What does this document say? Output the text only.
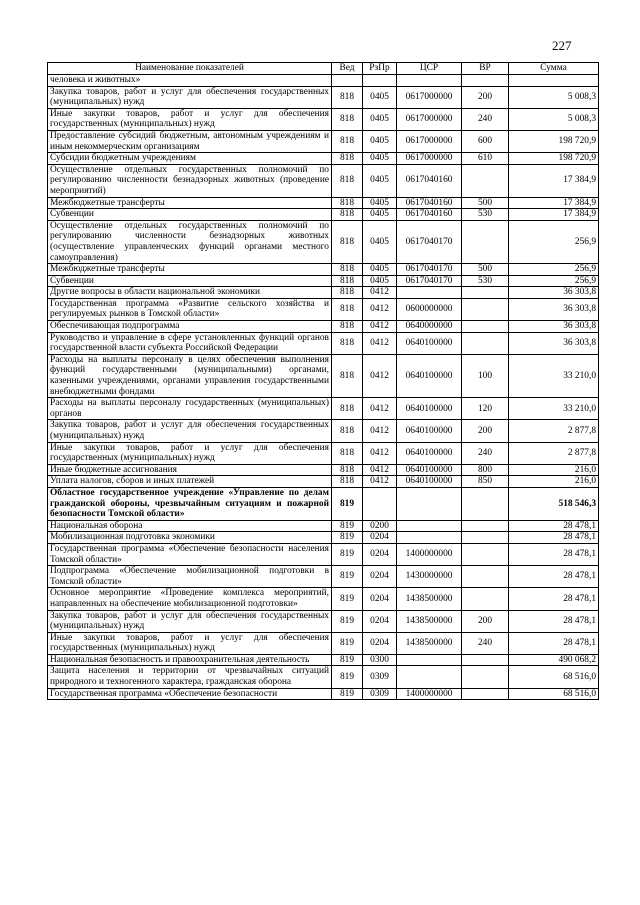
227
Наименование показателей	Вед	РзПр	ЦСР	ВР	Сумма
человека и животных»					
Закупка товаров, работ и услуг для обеспечения государственных (муниципальных) нужд	818	0405	0617000000	200	5 008,3
Иные закупки товаров, работ и услуг для обеспечения государственных (муниципальных) нужд	818	0405	0617000000	240	5 008,3
Предоставление субсидий бюджетным, автономным учреждениям и иным некоммерческим организациям	818	0405	0617000000	600	198 720,9
Субсидии бюджетным учреждениям	818	0405	0617000000	610	198 720,9
Осуществление отдельных государственных полномочий по регулированию численности безнадзорных животных (проведение мероприятий)	818	0405	0617040160		17 384,9
Межбюджетные трансферты	818	0405	0617040160	500	17 384,9
Субвенции	818	0405	0617040160	530	17 384,9
Осуществление отдельных государственных полномочий по регулированию численности безнадзорных животных (осуществление управленческих функций органами местного самоуправления)	818	0405	0617040170		256,9
Межбюджетные трансферты	818	0405	0617040170	500	256,9
Субвенции	818	0405	0617040170	530	256,9
Другие вопросы в области национальной экономики	818	0412			36 303,8
Государственная программа «Развитие сельского хозяйства и регулируемых рынков в Томской области»	818	0412	0600000000		36 303,8
Обеспечивающая подпрограмма	818	0412	0640000000		36 303,8
Руководство и управление в сфере установленных функций органов государственной власти субъекта Российской Федерации	818	0412	0640100000		36 303,8
Расходы на выплаты персоналу в целях обеспечения выполнения функций государственными (муниципальными) органами, казенными учреждениями, органами управления государственными внебюджетными фондами	818	0412	0640100000	100	33 210,0
Расходы на выплаты персоналу государственных (муниципальных) органов	818	0412	0640100000	120	33 210,0
Закупка товаров, работ и услуг для обеспечения государственных (муниципальных) нужд	818	0412	0640100000	200	2 877,8
Иные закупки товаров, работ и услуг для обеспечения государственных (муниципальных) нужд	818	0412	0640100000	240	2 877,8
Иные бюджетные ассигнования	818	0412	0640100000	800	216,0
Уплата налогов, сборов и иных платежей	818	0412	0640100000	850	216,0
Областное государственное учреждение «Управление по делам гражданской обороны, чрезвычайным ситуациям и пожарной безопасности Томской области»	819				518 546,3
Национальная оборона	819	0200			28 478,1
Мобилизационная подготовка экономики	819	0204			28 478,1
Государственная программа «Обеспечение безопасности населения Томской области»	819	0204	1400000000		28 478,1
Подпрограмма «Обеспечение мобилизационной подготовки в Томской области»	819	0204	1430000000		28 478,1
Основное мероприятие «Проведение комплекса мероприятий, направленных на обеспечение мобилизационной подготовки»	819	0204	1438500000		28 478,1
Закупка товаров, работ и услуг для обеспечения государственных (муниципальных) нужд	819	0204	1438500000	200	28 478,1
Иные закупки товаров, работ и услуг для обеспечения государственных (муниципальных) нужд	819	0204	1438500000	240	28 478,1
Национальная безопасность и правоохранительная деятельность	819	0300			490 068,2
Защита населения и территории от чрезвычайных ситуаций природного и техногенного характера, гражданская оборона	819	0309			68 516,0
Государственная программа «Обеспечение безопасности	819	0309	1400000000		68 516,0
